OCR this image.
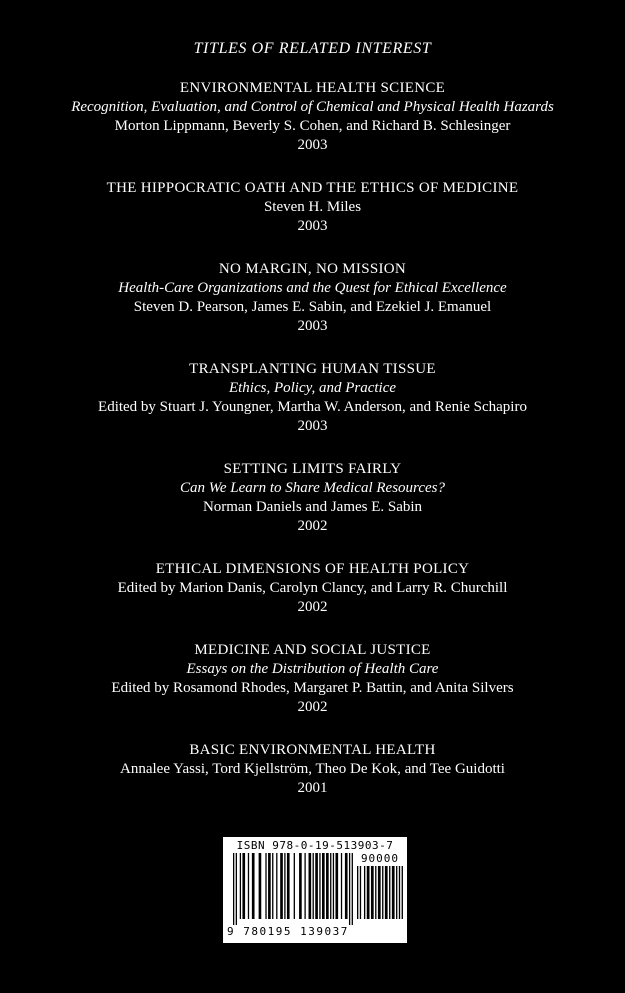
TITLES OF RELATED INTEREST
ENVIRONMENTAL HEALTH SCIENCE
Recognition, Evaluation, and Control of Chemical and Physical Health Hazards
Morton Lippmann, Beverly S. Cohen, and Richard B. Schlesinger
2003
THE HIPPOCRATIC OATH AND THE ETHICS OF MEDICINE
Steven H. Miles
2003
NO MARGIN, NO MISSION
Health-Care Organizations and the Quest for Ethical Excellence
Steven D. Pearson, James E. Sabin, and Ezekiel J. Emanuel
2003
TRANSPLANTING HUMAN TISSUE
Ethics, Policy, and Practice
Edited by Stuart J. Youngner, Martha W. Anderson, and Renie Schapiro
2003
SETTING LIMITS FAIRLY
Can We Learn to Share Medical Resources?
Norman Daniels and James E. Sabin
2002
ETHICAL DIMENSIONS OF HEALTH POLICY
Edited by Marion Danis, Carolyn Clancy, and Larry R. Churchill
2002
MEDICINE AND SOCIAL JUSTICE
Essays on the Distribution of Health Care
Edited by Rosamond Rhodes, Margaret P. Battin, and Anita Silvers
2002
BASIC ENVIRONMENTAL HEALTH
Annalee Yassi, Tord Kjellström, Theo De Kok, and Tee Guidotti
2001
ISBN 978-0-19-513903-7
90000
9 780195 139037
